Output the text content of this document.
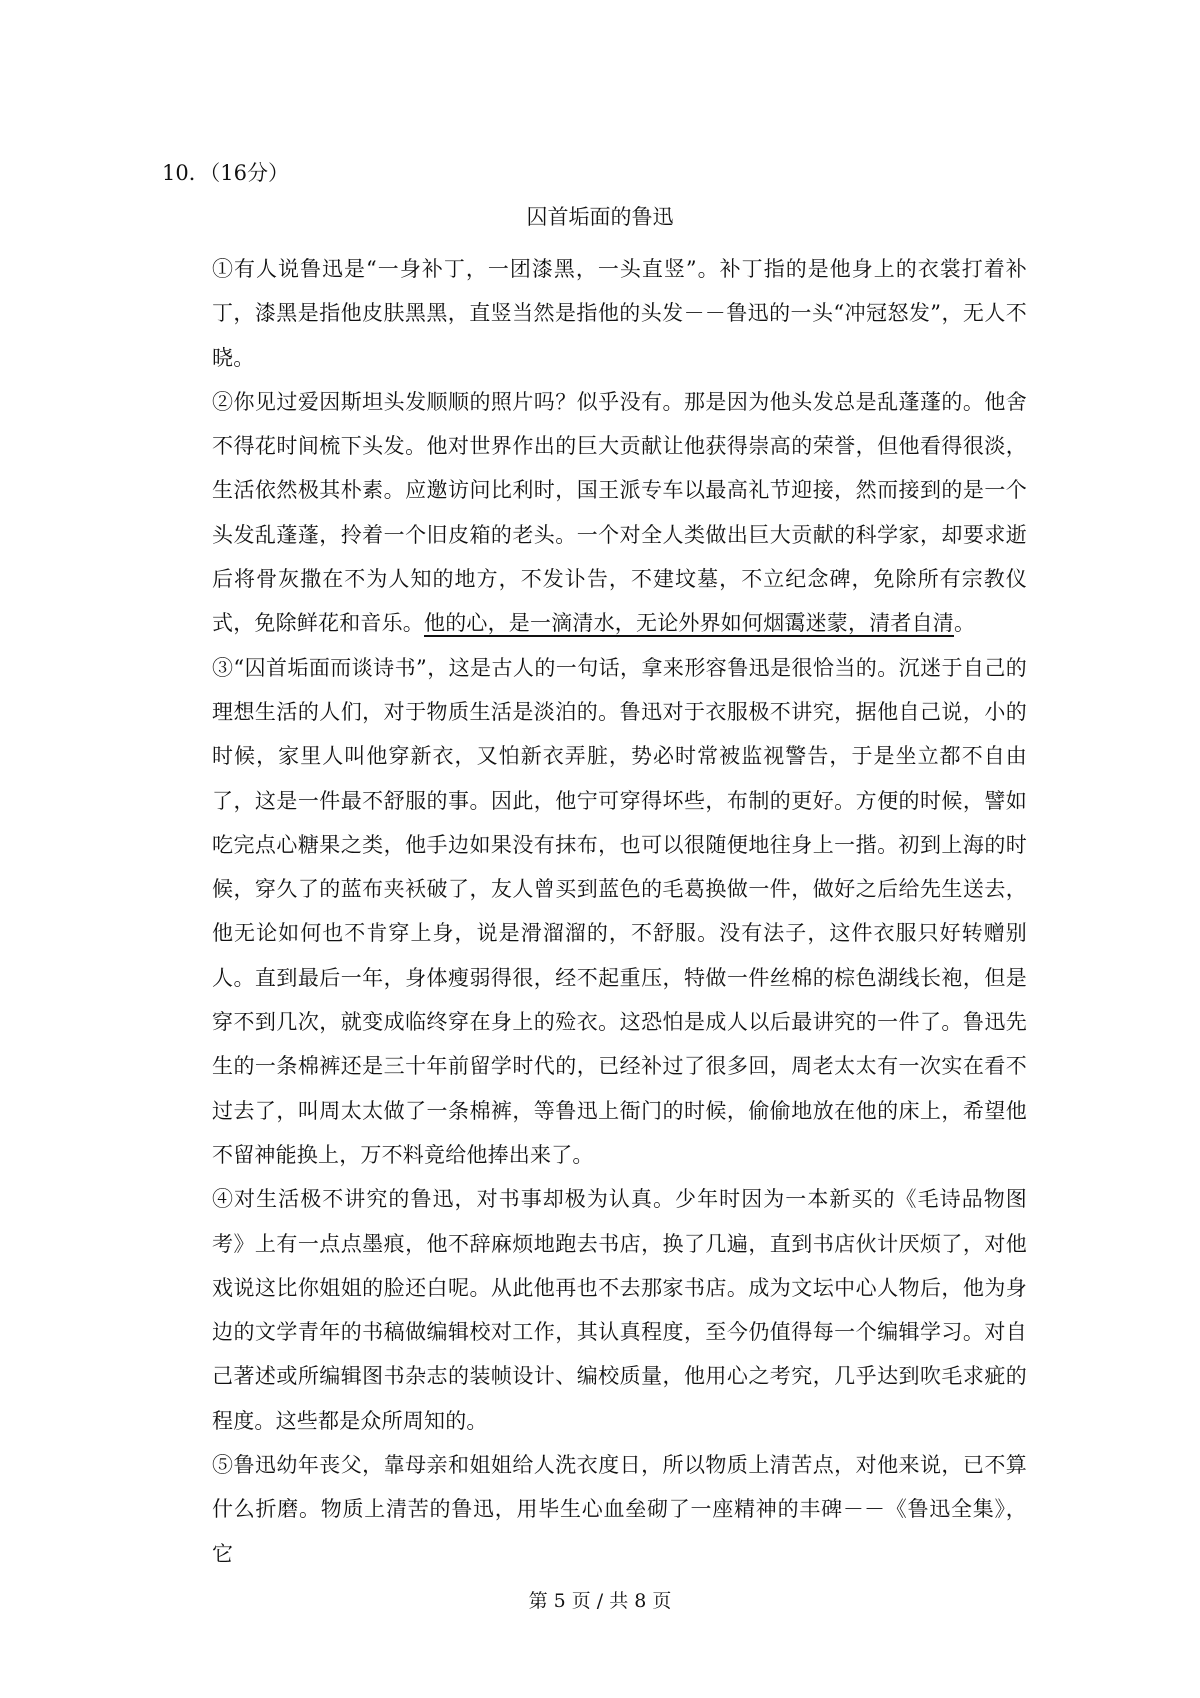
10．（16分）
囚首垢面的鲁迅

①有人说鲁迅是“一身补丁，一团漆黑，一头直竖”。补丁指的是他身上的衣裳打着补丁，漆黑是指他皮肤黑黑，直竖当然是指他的头发－－鲁迅的一头“冲冠怒发”，无人不晓。

②你见过爱因斯坦头发顺顺的照片吗？似乎没有。那是因为他头发总是乱蓬蓬的。他舍不得花时间梳下头发。他对世界作出的巨大贡献让他获得崇高的荣誉，但他看得很淡，生活依然极其朴素。应邀访问比利时，国王派专车以最高礼节迎接，然而接到的是一个头发乱蓬蓬，拎着一个旧皮箱的老头。一个对全人类做出巨大贡献的科学家，却要求逝后将骨灰撒在不为人知的地方，不发讣告，不建坟墓，不立纪念碑，免除所有宗教仪式，免除鲜花和音乐。他的心，是一滴清水，无论外界如何烟霭迷蒙，清者自清。

③“囚首垢面而谈诗书”，这是古人的一句话，拿来形容鲁迅是很恰当的。沉迷于自己的理想生活的人们，对于物质生活是淡泊的。鲁迅对于衣服极不讲究，据他自己说，小的时候，家里人叫他穿新衣，又怕新衣弄脏，势必时常被监视警告，于是坐立都不自由了，这是一件最不舒服的事。因此，他宁可穿得坏些，布制的更好。方便的时候，譬如吃完点心糖果之类，他手边如果没有抹布，也可以很随便地往身上一揩。初到上海的时候，穿久了的蓝布夹袄破了，友人曾买到蓝色的毛葛换做一件，做好之后给先生送去，他无论如何也不肯穿上身，说是滑溜溜的，不舒服。没有法子，这件衣服只好转赠别人。直到最后一年，身体瘦弱得很，经不起重压，特做一件丝棉的棕色湖线长袍，但是穿不到几次，就变成临终穿在身上的殓衣。这恐怕是成人以后最讲究的一件了。鲁迅先生的一条棉裤还是三十年前留学时代的，已经补过了很多回，周老太太有一次实在看不过去了，叫周太太做了一条棉裤，等鲁迅上衙门的时候，偷偷地放在他的床上，希望他不留神能换上，万不料竟给他捧出来了。

④对生活极不讲究的鲁迅，对书事却极为认真。少年时因为一本新买的《毛诗品物图考》上有一点点墨痕，他不辞麻烦地跑去书店，换了几遍，直到书店伙计厌烦了，对他戏说这比你姐姐的脸还白呢。从此他再也不去那家书店。成为文坛中心人物后，他为身边的文学青年的书稿做编辑校对工作，其认真程度，至今仍值得每一个编辑学习。对自己著述或所编辑图书杂志的装帧设计、编校质量，他用心之考究，几乎达到吹毛求疵的程度。这些都是众所周知的。

⑤鲁迅幼年丧父，靠母亲和姐姐给人洗衣度日，所以物质上清苦点，对他来说，已不算什么折磨。物质上清苦的鲁迅，用毕生心血垒砌了一座精神的丰碑－－《鲁迅全集》，它

第 5 页 / 共 8 页
